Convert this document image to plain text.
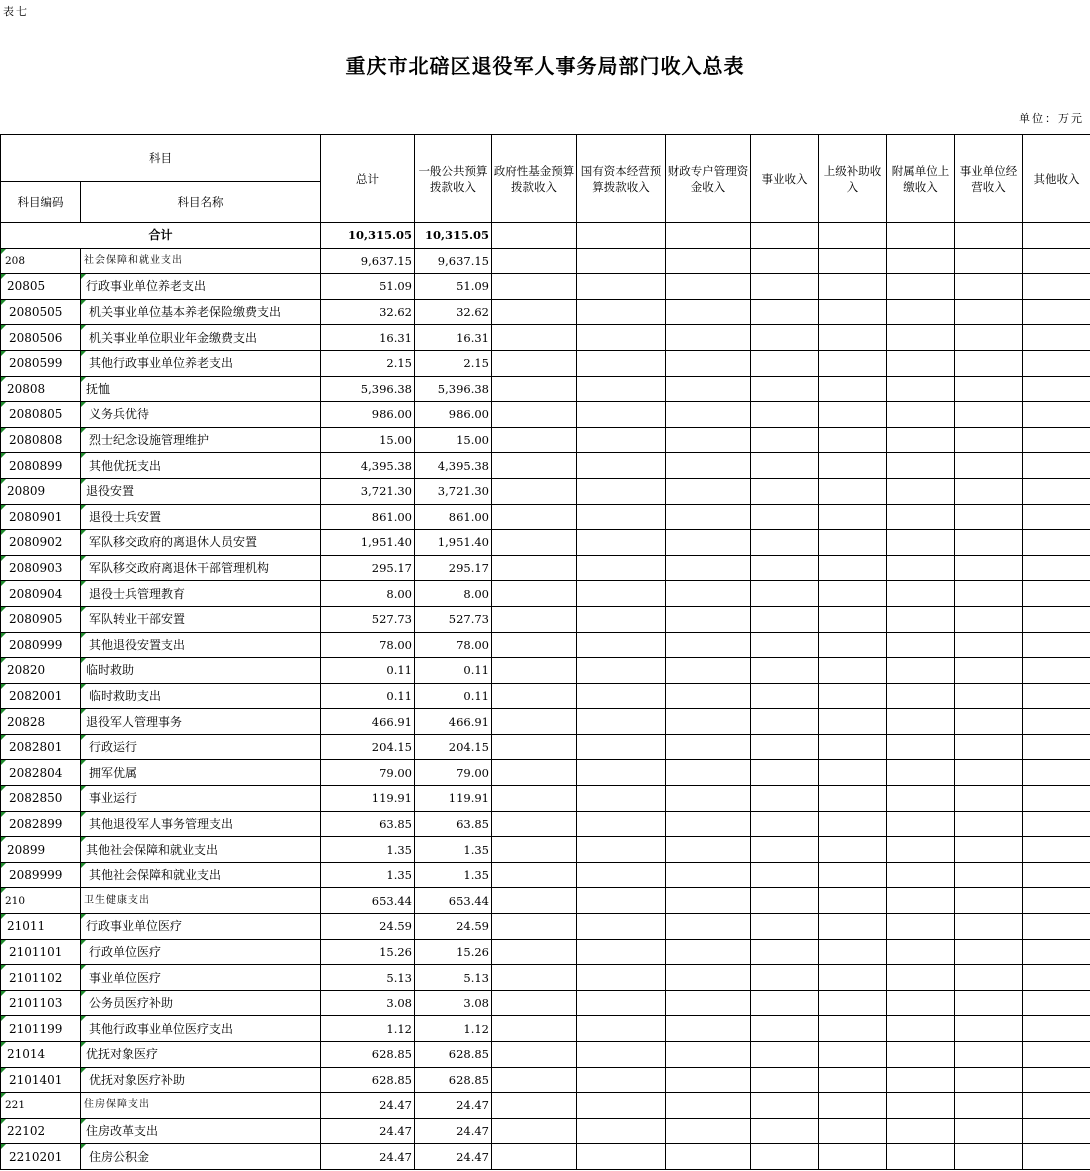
表七
重庆市北碚区退役军人事务局部门收入总表
单位：万元
科目		总计	一般公共预算拨款收入	政府性基金预算拨款收入	国有资本经营预算拨款收入	财政专户管理资金收入	事业收入	上级补助收入	附属单位上缴收入	事业单位经营收入	其他收入
科目编码	科目名称										
合计		10,315.05	10,315.05								

208	社会保障和就业支出	9,637.15	9,637.15								

20805	行政事业单位养老支出	51.09	51.09								

2080505	机关事业单位基本养老保险缴费支出	32.62	32.62								

2080506	机关事业单位职业年金缴费支出	16.31	16.31								

2080599	其他行政事业单位养老支出	2.15	2.15								

20808	抚恤	5,396.38	5,396.38								

2080805	义务兵优待	986.00	986.00								

2080808	烈士纪念设施管理维护	15.00	15.00								

2080899	其他优抚支出	4,395.38	4,395.38								

20809	退役安置	3,721.30	3,721.30								

2080901	退役士兵安置	861.00	861.00								

2080902	军队移交政府的离退休人员安置	1,951.40	1,951.40								

2080903	军队移交政府离退休干部管理机构	295.17	295.17								

2080904	退役士兵管理教育	8.00	8.00								

2080905	军队转业干部安置	527.73	527.73								

2080999	其他退役安置支出	78.00	78.00								

20820	临时救助	0.11	0.11								

2082001	临时救助支出	0.11	0.11								

20828	退役军人管理事务	466.91	466.91								

2082801	行政运行	204.15	204.15								

2082804	拥军优属	79.00	79.00								

2082850	事业运行	119.91	119.91								

2082899	其他退役军人事务管理支出	63.85	63.85								

20899	其他社会保障和就业支出	1.35	1.35								

2089999	其他社会保障和就业支出	1.35	1.35								

210	卫生健康支出	653.44	653.44								

21011	行政事业单位医疗	24.59	24.59								

2101101	行政单位医疗	15.26	15.26								

2101102	事业单位医疗	5.13	5.13								

2101103	公务员医疗补助	3.08	3.08								

2101199	其他行政事业单位医疗支出	1.12	1.12								

21014	优抚对象医疗	628.85	628.85								

2101401	优抚对象医疗补助	628.85	628.85								

221	住房保障支出	24.47	24.47								

22102	住房改革支出	24.47	24.47								

2210201	住房公积金	24.47	24.47								
